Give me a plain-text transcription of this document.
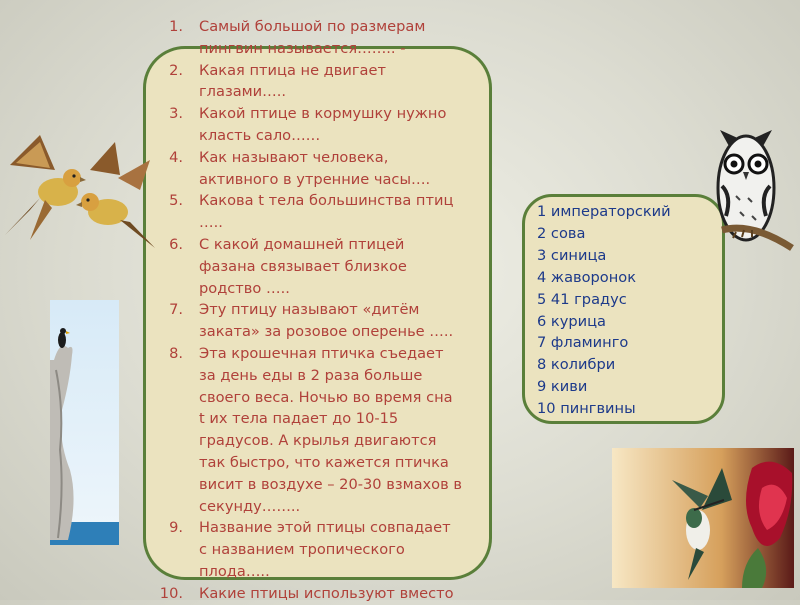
1. Самый большой по размерам
пингвин называется…….. -
2. Какая птица не двигает
глазами…..
3. Какой птице в кормушку нужно
класть сало……
4. Как называют человека,
активного в утренние часы….
5. Какова t тела большинства птиц
…..
6. С какой домашней птицей
фазана связывает близкое
родство …..
7. Эту птицу называют «дитём
заката» за розовое оперенье …..
8. Эта крошечная птичка съедает
за день еды в 2 раза больше
своего веса. Ночью во время сна
t их тела падает до 10-15
градусов. А крылья двигаются
так быстро, что кажется птичка
висит в воздухе – 20-30 взмахов в
секунду……..
9. Название этой птицы совпадает
с названием тропического
плода…..
10. Какие птицы используют вместо
1 императорский
2 сова
3 синица
4 жаворонок
5 41 градус
6 курица
7 фламинго
8 колибри
9 киви
10 пингвины
